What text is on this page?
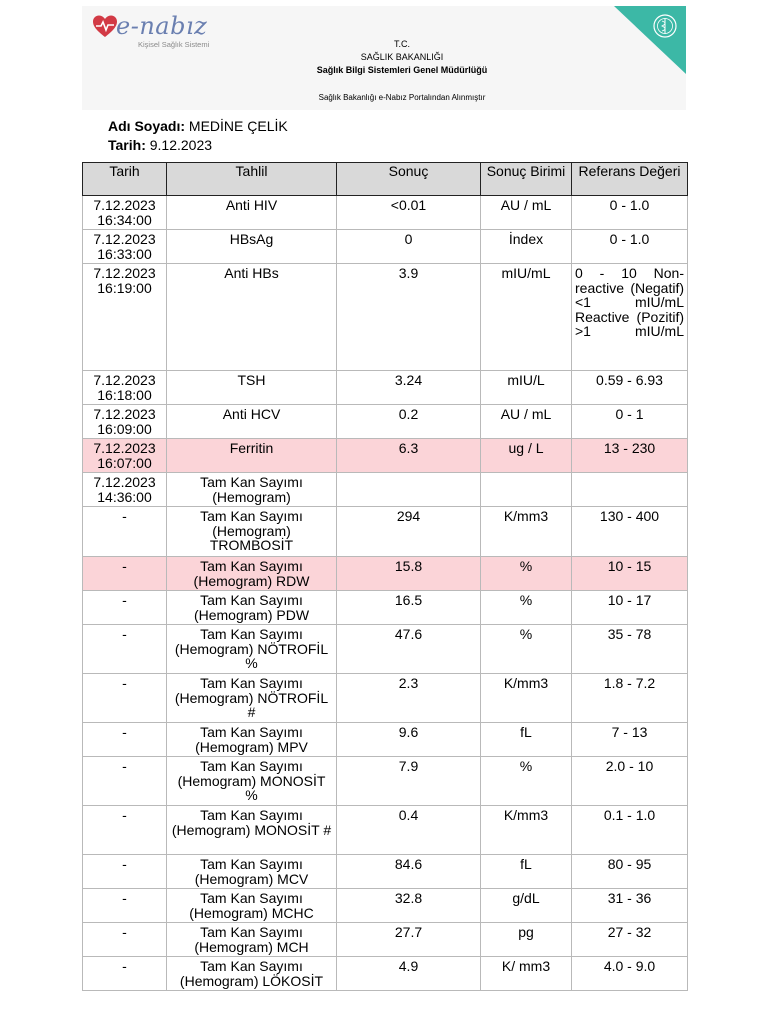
e-nabız
Kişisel Sağlık Sistemi	T.C.
SAĞLIK BAKANLIĞI
Sağlık Bilgi Sistemleri Genel Müdürlüğü
Sağlık Bakanlığı e-Nabız Portalından Alınmıştır
Adı Soyadı: MEDİNE ÇELİK
Tarih: 9.12.2023
Tarih	Tahlil	Sonuç	Sonuç Birimi	Referans Değeri
7.12.2023 16:34:00	Anti HIV	<0.01	AU / mL	0 - 1.0
7.12.2023 16:33:00	HBsAg	0	İndex	0 - 1.0
7.12.2023 16:19:00	Anti HBs	3.9	mIU/mL	0 - 10 Non-reactive (Negatif) <1 mIU/mL Reactive (Pozitif) >1 mIU/mL

7.12.2023 16:18:00	TSH	3.24	mIU/L	0.59 - 6.93
7.12.2023 16:09:00	Anti HCV	0.2	AU / mL	0 - 1
7.12.2023 16:07:00	Ferritin	6.3	ug / L	13 - 230
7.12.2023 14:36:00	Tam Kan Sayımı (Hemogram)			
-	Tam Kan Sayımı (Hemogram) TROMBOSİT	294	K/mm3	130 - 400
-	Tam Kan Sayımı (Hemogram) RDW	15.8	%	10 - 15
-	Tam Kan Sayımı (Hemogram) PDW	16.5	%	10 - 17
-	Tam Kan Sayımı (Hemogram) NÖTROFİL %	47.6	%	35 - 78
-	Tam Kan Sayımı (Hemogram) NÖTROFİL #	2.3	K/mm3	1.8 - 7.2
-	Tam Kan Sayımı (Hemogram) MPV	9.6	fL	7 - 13
-	Tam Kan Sayımı (Hemogram) MONOSİT %	7.9	%	2.0 - 10
-	Tam Kan Sayımı (Hemogram) MONOSİT #	0.4	K/mm3	0.1 - 1.0
-	Tam Kan Sayımı (Hemogram) MCV	84.6	fL	80 - 95
-	Tam Kan Sayımı (Hemogram) MCHC	32.8	g/dL	31 - 36
-	Tam Kan Sayımı (Hemogram) MCH	27.7	pg	27 - 32
-	Tam Kan Sayımı (Hemogram) LÖKOSİT	4.9	K/ mm3	4.0 - 9.0
